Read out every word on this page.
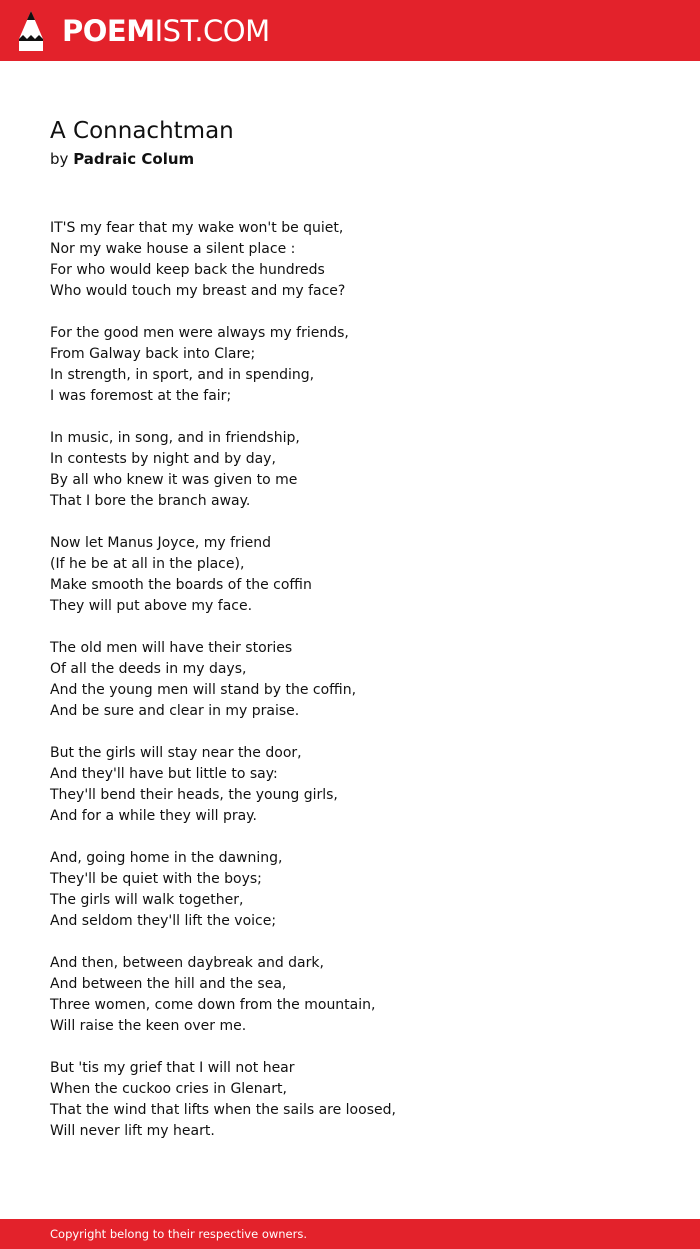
POEMIST.COM
A Connachtman
by Padraic Colum
IT'S my fear that my wake won't be quiet,
Nor my wake house a silent place :
For who would keep back the hundreds
Who would touch my breast and my face?
For the good men were always my friends,
From Galway back into Clare;
In strength, in sport, and in spending,
I was foremost at the fair;
In music, in song, and in friendship,
In contests by night and by day,
By all who knew it was given to me
That I bore the branch away.
Now let Manus Joyce, my friend
(If he be at all in the place),
Make smooth the boards of the coffin
They will put above my face.
The old men will have their stories
Of all the deeds in my days,
And the young men will stand by the coffin,
And be sure and clear in my praise.
But the girls will stay near the door,
And they'll have but little to say:
They'll bend their heads, the young girls,
And for a while they will pray.
And, going home in the dawning,
They'll be quiet with the boys;
The girls will walk together,
And seldom they'll lift the voice;
And then, between daybreak and dark,
And between the hill and the sea,
Three women, come down from the mountain,
Will raise the keen over me.
But 'tis my grief that I will not hear
When the cuckoo cries in Glenart,
That the wind that lifts when the sails are loosed,
Will never lift my heart.
Copyright belong to their respective owners.
